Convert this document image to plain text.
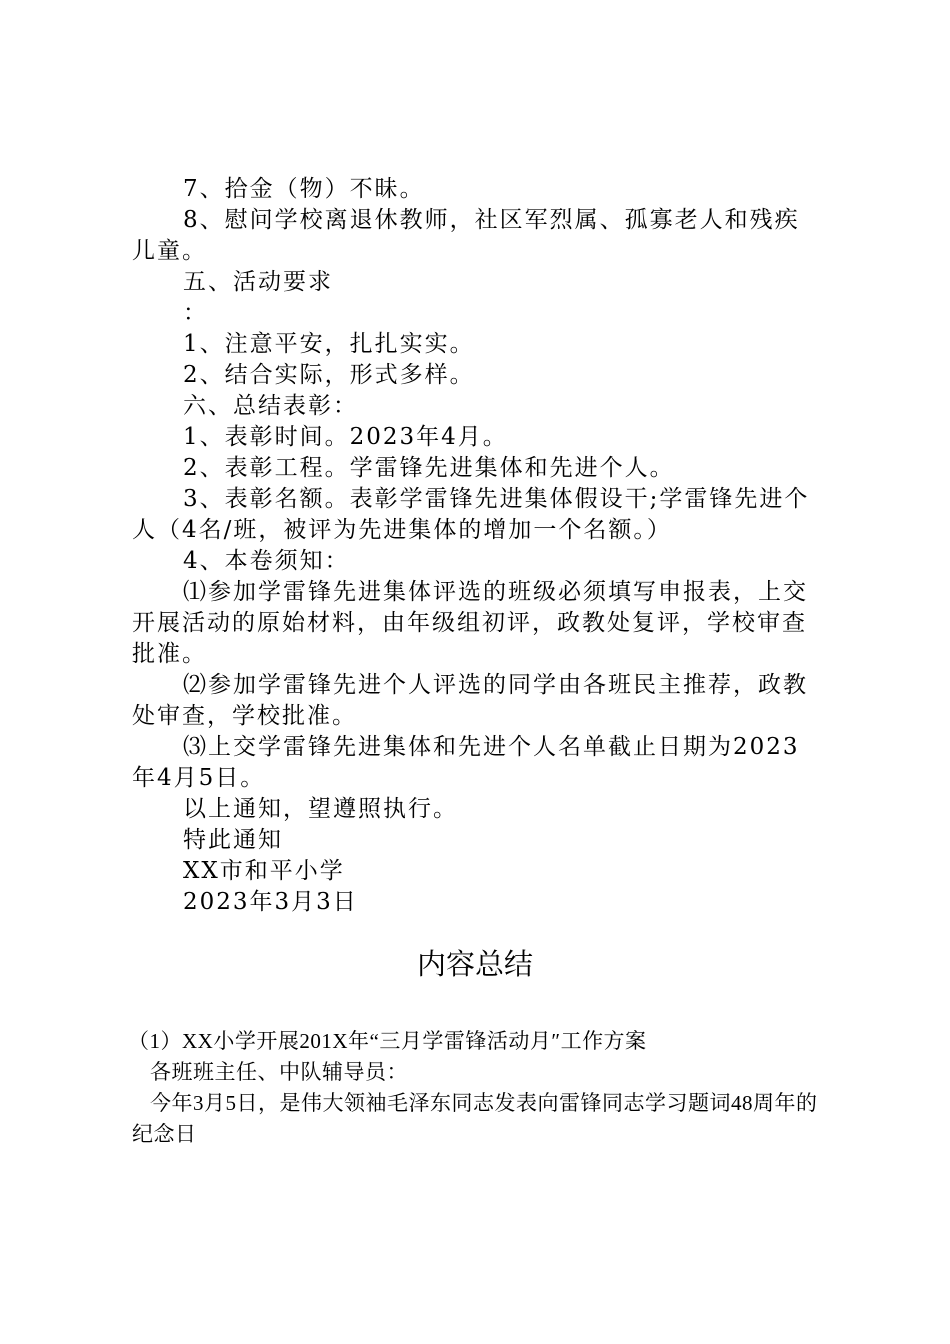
7、拾金（物）不昧。
8、慰问学校离退休教师，社区军烈属、孤寡老人和残疾
儿童。
五、活动要求
：
1、注意平安，扎扎实实。
2、结合实际，形式多样。
六、总结表彰：
1、表彰时间。2023年4月。
2、表彰工程。学雷锋先进集体和先进个人。
3、表彰名额。表彰学雷锋先进集体假设干;学雷锋先进个
人（4名/班，被评为先进集体的增加一个名额。）
4、本卷须知：
⑴参加学雷锋先进集体评选的班级必须填写申报表，上交
开展活动的原始材料，由年级组初评，政教处复评，学校审查
批准。
⑵参加学雷锋先进个人评选的同学由各班民主推荐，政教
处审查，学校批准。
⑶上交学雷锋先进集体和先进个人名单截止日期为2023
年4月5日。
以上通知，望遵照执行。
特此通知
XX市和平小学
2023年3月3日
内容总结
（1）XX小学开展201X年“三月学雷锋活动月″工作方案
各班班主任、中队辅导员：
今年3月5日，是伟大领袖毛泽东同志发表向雷锋同志学习题词48周年的
纪念日
